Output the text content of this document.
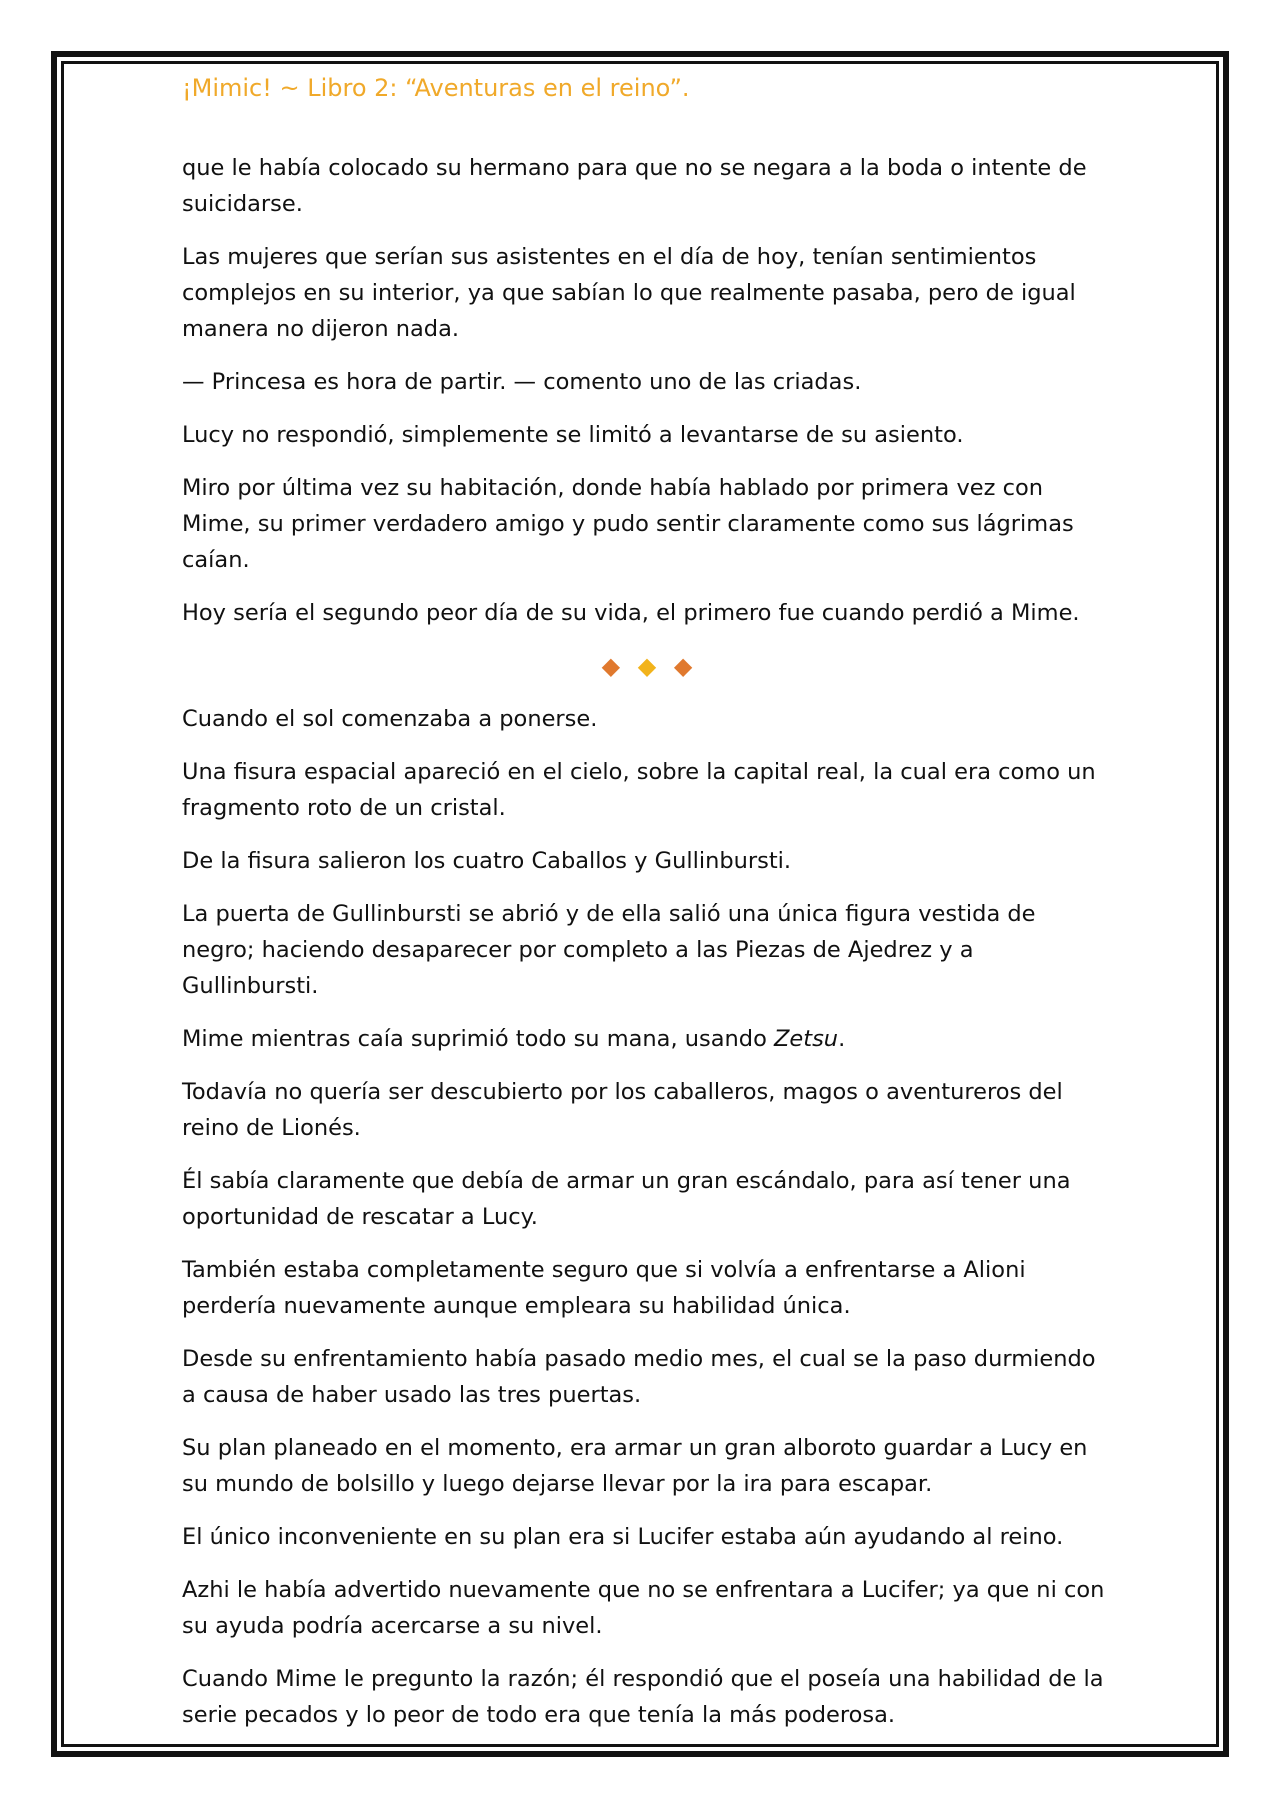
¡Mimic! ~ Libro 2: “Aventuras en el reino”.

que le había colocado su hermano para que no se negara a la boda o intente de suicidarse.

Las mujeres que serían sus asistentes en el día de hoy, tenían sentimientos complejos en su interior, ya que sabían lo que realmente pasaba, pero de igual manera no dijeron nada.

— Princesa es hora de partir. — comento uno de las criadas.

Lucy no respondió, simplemente se limitó a levantarse de su asiento.

Miro por última vez su habitación, donde había hablado por primera vez con Mime, su primer verdadero amigo y pudo sentir claramente como sus lágrimas caían.

Hoy sería el segundo peor día de su vida, el primero fue cuando perdió a Mime.

◆ ◆ ◆

Cuando el sol comenzaba a ponerse.

Una fisura espacial apareció en el cielo, sobre la capital real, la cual era como un fragmento roto de un cristal.

De la fisura salieron los cuatro Caballos y Gullinbursti.

La puerta de Gullinbursti se abrió y de ella salió una única figura vestida de negro; haciendo desaparecer por completo a las Piezas de Ajedrez y a Gullinbursti.

Mime mientras caía suprimió todo su mana, usando Zetsu.

Todavía no quería ser descubierto por los caballeros, magos o aventureros del reino de Lionés.

Él sabía claramente que debía de armar un gran escándalo, para así tener una oportunidad de rescatar a Lucy.

También estaba completamente seguro que si volvía a enfrentarse a Alioni perdería nuevamente aunque empleara su habilidad única.

Desde su enfrentamiento había pasado medio mes, el cual se la paso durmiendo a causa de haber usado las tres puertas.

Su plan planeado en el momento, era armar un gran alboroto guardar a Lucy en su mundo de bolsillo y luego dejarse llevar por la ira para escapar.

El único inconveniente en su plan era si Lucifer estaba aún ayudando al reino.

Azhi le había advertido nuevamente que no se enfrentara a Lucifer; ya que ni con su ayuda podría acercarse a su nivel.

Cuando Mime le pregunto la razón; él respondió que el poseía una habilidad de la serie pecados y lo peor de todo era que tenía la más poderosa.
